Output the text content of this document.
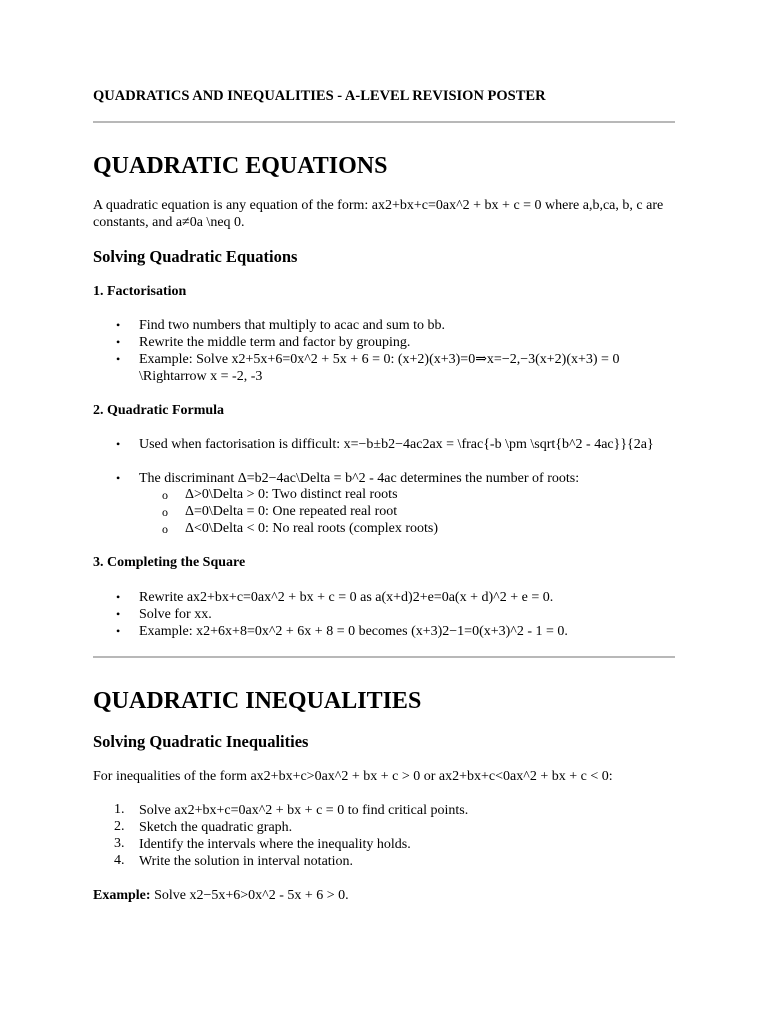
QUADRATICS AND INEQUALITIES - A-LEVEL REVISION POSTER
QUADRATIC EQUATIONS
A quadratic equation is any equation of the form: ax2+bx+c=0ax^2 + bx + c = 0 where a,b,ca, b, c are constants, and a≠0a \neq 0.
Solving Quadratic Equations
1. Factorisation
• Find two numbers that multiply to acac and sum to bb.
• Rewrite the middle term and factor by grouping.
• Example: Solve x2+5x+6=0x^2 + 5x + 6 = 0: (x+2)(x+3)=0⇒x=−2,−3(x+2)(x+3) = 0 \Rightarrow x = -2, -3
2. Quadratic Formula
• Used when factorisation is difficult: x=−b±b2−4ac2ax = \frac{-b \pm \sqrt{b^2 - 4ac}}{2a}
• The discriminant Δ=b2−4ac\Delta = b^2 - 4ac determines the number of roots:
o Δ>0\Delta > 0: Two distinct real roots
o Δ=0\Delta = 0: One repeated real root
o Δ<0\Delta < 0: No real roots (complex roots)
3. Completing the Square
• Rewrite ax2+bx+c=0ax^2 + bx + c = 0 as a(x+d)2+e=0a(x + d)^2 + e = 0.
• Solve for xx.
• Example: x2+6x+8=0x^2 + 6x + 8 = 0 becomes (x+3)2−1=0(x+3)^2 - 1 = 0.
QUADRATIC INEQUALITIES
Solving Quadratic Inequalities
For inequalities of the form ax2+bx+c>0ax^2 + bx + c > 0 or ax2+bx+c<0ax^2 + bx + c < 0:
1. Solve ax2+bx+c=0ax^2 + bx + c = 0 to find critical points.
2. Sketch the quadratic graph.
3. Identify the intervals where the inequality holds.
4. Write the solution in interval notation.
Example: Solve x2−5x+6>0x^2 - 5x + 6 > 0.
